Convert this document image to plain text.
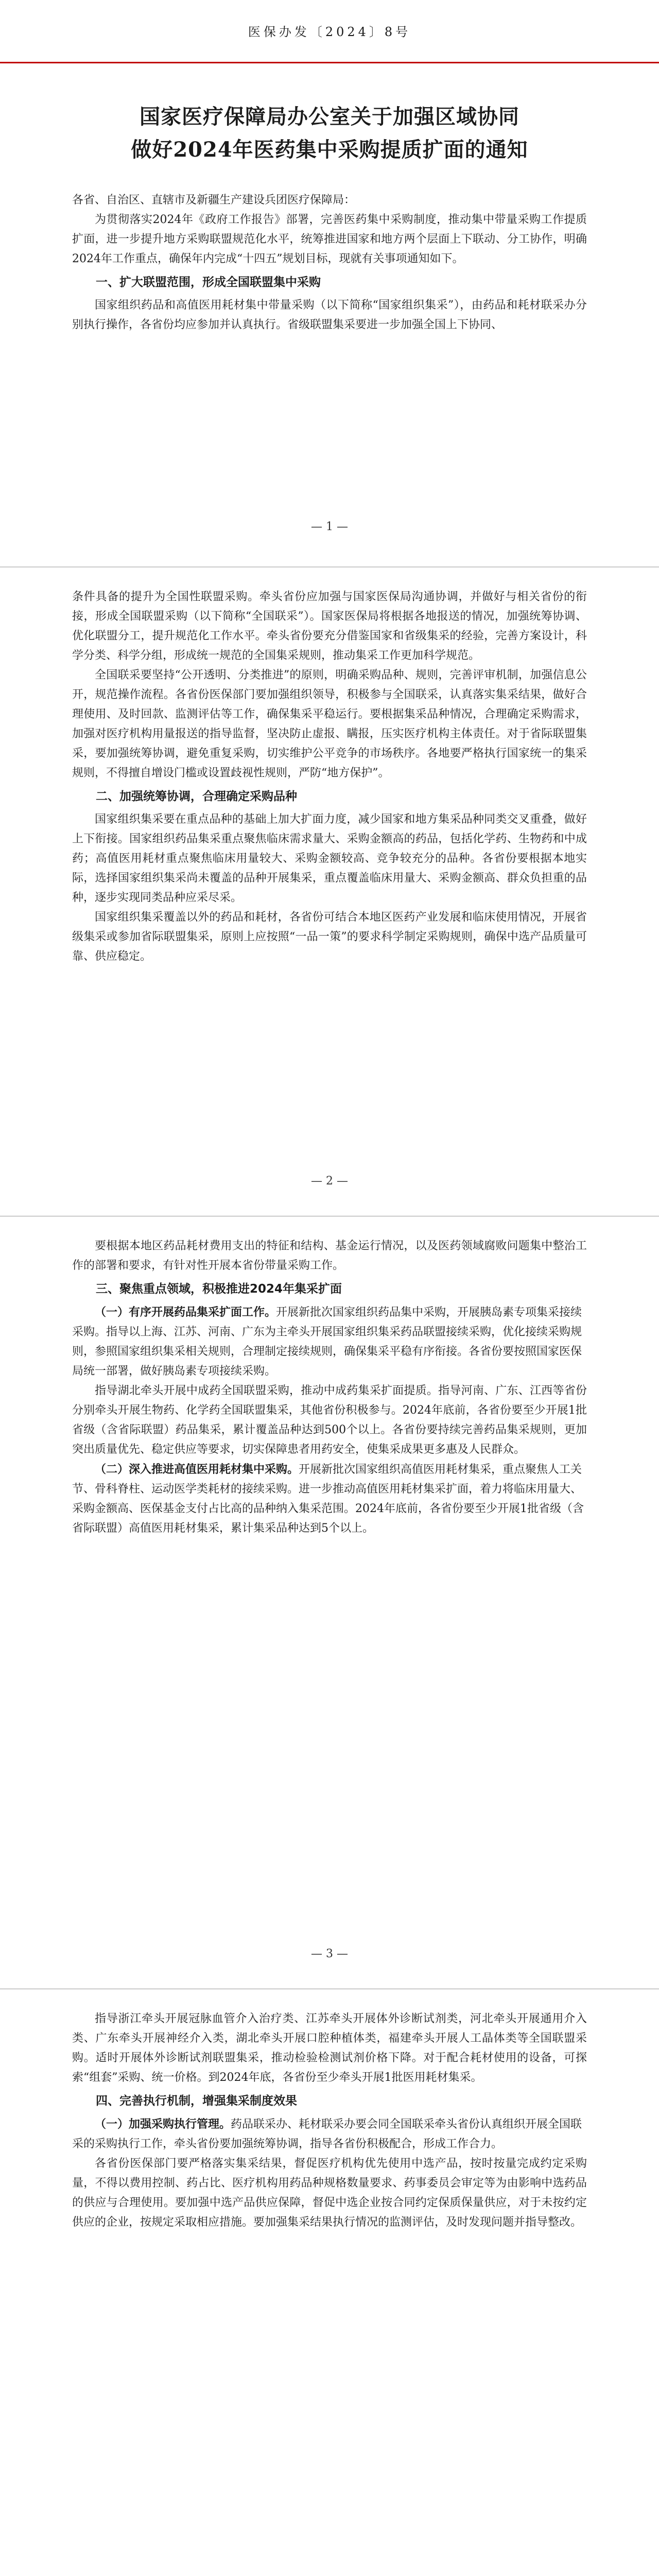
医保办发〔2024〕8号
国家医疗保障局办公室关于加强区域协同
做好2024年医药集中采购提质扩面的通知

各省、自治区、直辖市及新疆生产建设兵团医疗保障局：

为贯彻落实2024年《政府工作报告》部署，完善医药集中采购制度，推动集中带量采购工作提质扩面，进一步提升地方采购联盟规范化水平，统筹推进国家和地方两个层面上下联动、分工协作，明确2024年工作重点，确保年内完成“十四五”规划目标，现就有关事项通知如下。

一、扩大联盟范围，形成全国联盟集中采购

国家组织药品和高值医用耗材集中带量采购（以下简称“国家组织集采”），由药品和耗材联采办分别执行操作，各省份均应参加并认真执行。省级联盟集采要进一步加强全国上下协同、

— 1 —

条件具备的提升为全国性联盟采购。牵头省份应加强与国家医保局沟通协调，并做好与相关省份的衔接，形成全国联盟采购（以下简称“全国联采”）。国家医保局将根据各地报送的情况，加强统筹协调、优化联盟分工，提升规范化工作水平。牵头省份要充分借鉴国家和省级集采的经验，完善方案设计，科学分类、科学分组，形成统一规范的全国集采规则，推动集采工作更加科学规范。

全国联采要坚持“公开透明、分类推进”的原则，明确采购品种、规则，完善评审机制，加强信息公开，规范操作流程。各省份医保部门要加强组织领导，积极参与全国联采，认真落实集采结果，做好合理使用、及时回款、监测评估等工作，确保集采平稳运行。要根据集采品种情况，合理确定采购需求，加强对医疗机构用量报送的指导监督，坚决防止虚报、瞒报，压实医疗机构主体责任。对于省际联盟集采，要加强统筹协调，避免重复采购，切实维护公平竞争的市场秩序。各地要严格执行国家统一的集采规则，不得擅自增设门槛或设置歧视性规则，严防“地方保护”。

二、加强统筹协调，合理确定采购品种

国家组织集采要在重点品种的基础上加大扩面力度，减少国家和地方集采品种同类交叉重叠，做好上下衔接。国家组织药品集采重点聚焦临床需求量大、采购金额高的药品，包括化学药、生物药和中成药；高值医用耗材重点聚焦临床用量较大、采购金额较高、竞争较充分的品种。各省份要根据本地实际，选择国家组织集采尚未覆盖的品种开展集采，重点覆盖临床用量大、采购金额高、群众负担重的品种，逐步实现同类品种应采尽采。

国家组织集采覆盖以外的药品和耗材，各省份可结合本地区医药产业发展和临床使用情况，开展省级集采或参加省际联盟集采，原则上应按照“一品一策”的要求科学制定采购规则，确保中选产品质量可靠、供应稳定。

— 2 —

要根据本地区药品耗材费用支出的特征和结构、基金运行情况，以及医药领域腐败问题集中整治工作的部署和要求，有针对性开展本省份带量采购工作。

三、聚焦重点领域，积极推进2024年集采扩面

（一）有序开展药品集采扩面工作。开展新批次国家组织药品集中采购，开展胰岛素专项集采接续采购。指导以上海、江苏、河南、广东为主牵头开展国家组织集采药品联盟接续采购，优化接续采购规则，参照国家组织集采相关规则，合理制定接续规则，确保集采平稳有序衔接。各省份要按照国家医保局统一部署，做好胰岛素专项接续采购。

指导湖北牵头开展中成药全国联盟采购，推动中成药集采扩面提质。指导河南、广东、江西等省份分别牵头开展生物药、化学药全国联盟集采，其他省份积极参与。2024年底前，各省份要至少开展1批省级（含省际联盟）药品集采，累计覆盖品种达到500个以上。各省份要持续完善药品集采规则，更加突出质量优先、稳定供应等要求，切实保障患者用药安全，使集采成果更多惠及人民群众。

（二）深入推进高值医用耗材集中采购。开展新批次国家组织高值医用耗材集采，重点聚焦人工关节、骨科脊柱、运动医学类耗材的接续采购。进一步推动高值医用耗材集采扩面，着力将临床用量大、采购金额高、医保基金支付占比高的品种纳入集采范围。2024年底前，各省份要至少开展1批省级（含省际联盟）高值医用耗材集采，累计集采品种达到5个以上。

— 3 —

指导浙江牵头开展冠脉血管介入治疗类、江苏牵头开展体外诊断试剂类，河北牵头开展通用介入类、广东牵头开展神经介入类，湖北牵头开展口腔种植体类，福建牵头开展人工晶体类等全国联盟采购。适时开展体外诊断试剂联盟集采，推动检验检测试剂价格下降。对于配合耗材使用的设备，可探索“组套”采购、统一价格。到2024年底，各省份至少牵头开展1批医用耗材集采。

四、完善执行机制，增强集采制度效果

（一）加强采购执行管理。药品联采办、耗材联采办要会同全国联采牵头省份认真组织开展全国联采的采购执行工作，牵头省份要加强统筹协调，指导各省份积极配合，形成工作合力。

各省份医保部门要严格落实集采结果，督促医疗机构优先使用中选产品，按时按量完成约定采购量，不得以费用控制、药占比、医疗机构用药品种规格数量要求、药事委员会审定等为由影响中选药品的供应与合理使用。要加强中选产品供应保障，督促中选企业按合同约定保质保量供应，对于未按约定供应的企业，按规定采取相应措施。要加强集采结果执行情况的监测评估，及时发现问题并指导整改。
